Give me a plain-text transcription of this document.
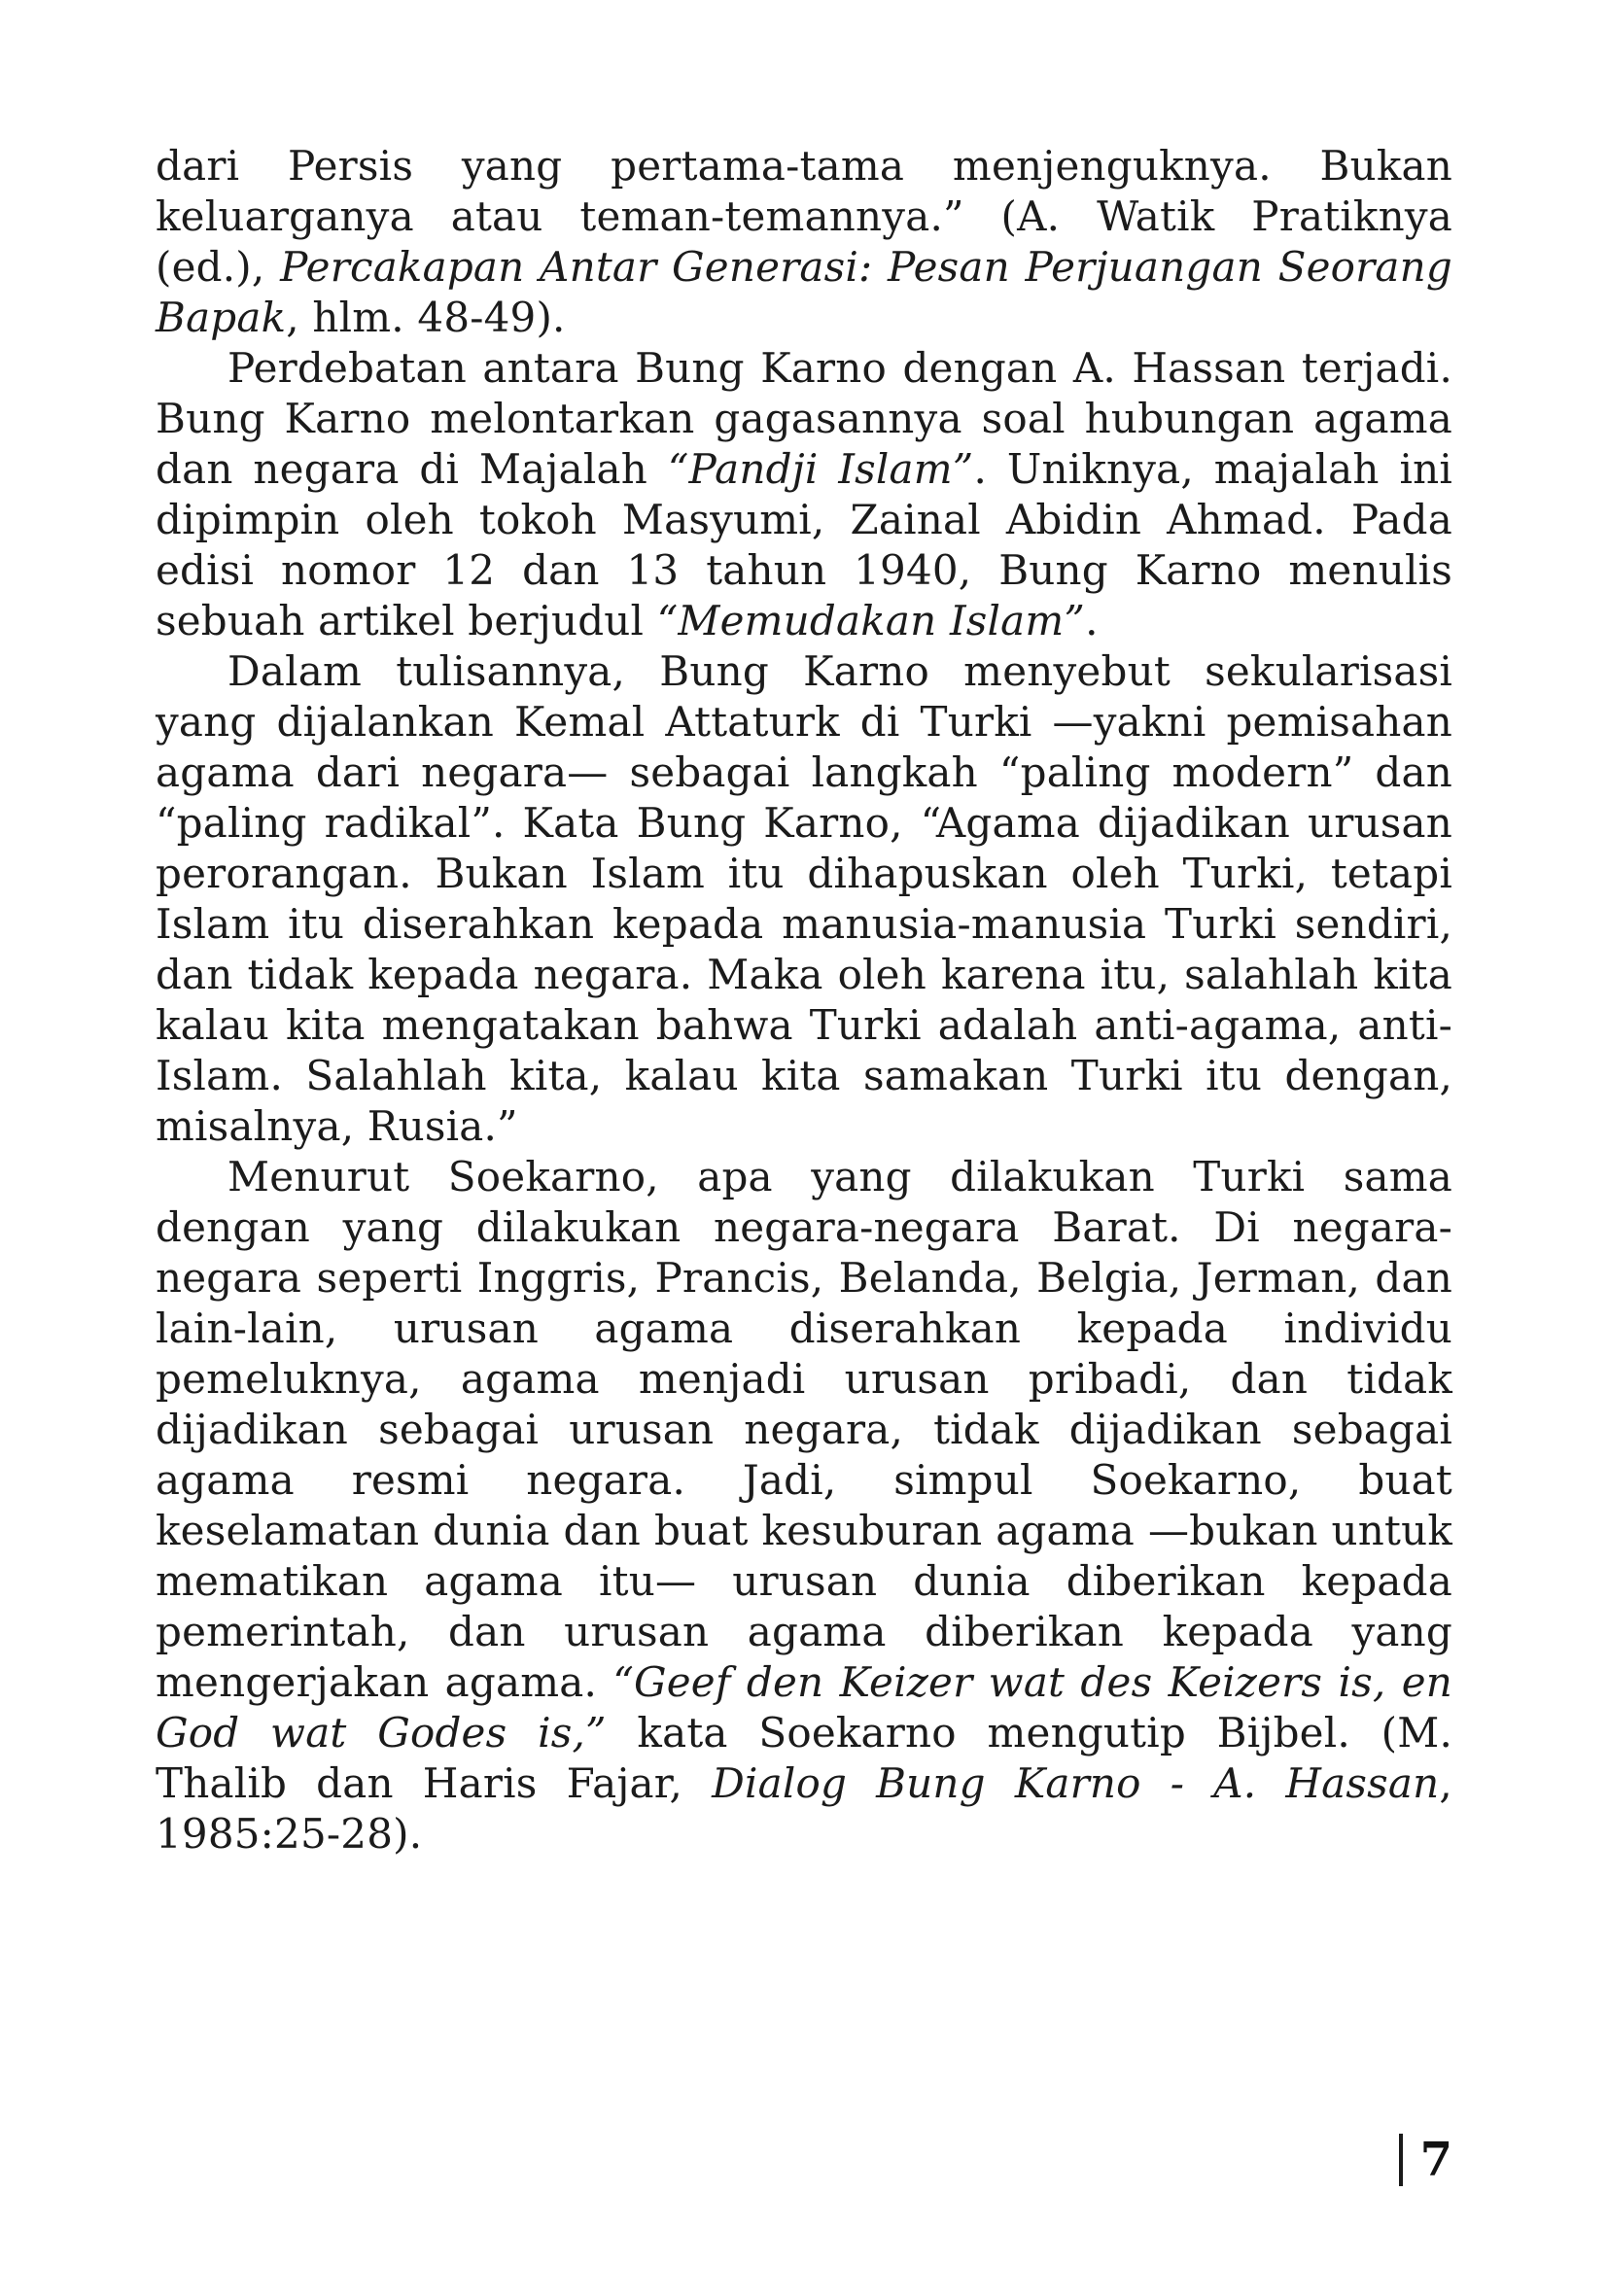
dari Persis yang pertama-tama menjenguknya. Bukan keluarganya atau teman-temannya.” (A. Watik Pratiknya (ed.), Percakapan Antar Generasi: Pesan Perjuangan Seorang Bapak, hlm. 48-49).

Perdebatan antara Bung Karno dengan A. Hassan terjadi. Bung Karno melontarkan gagasannya soal hubungan agama dan negara di Majalah “Pandji Islam”. Uniknya, majalah ini dipimpin oleh tokoh Masyumi, Zainal Abidin Ahmad. Pada edisi nomor 12 dan 13 tahun 1940, Bung Karno menulis sebuah artikel berjudul “Memudakan Islam”.

Dalam tulisannya, Bung Karno menyebut sekularisasi yang dijalankan Kemal Attaturk di Turki —yakni pemisahan agama dari negara— sebagai langkah “paling modern” dan “paling radikal”. Kata Bung Karno, “Agama dijadikan urusan perorangan. Bukan Islam itu dihapuskan oleh Turki, tetapi Islam itu diserahkan kepada manusia-manusia Turki sendiri, dan tidak kepada negara. Maka oleh karena itu, salahlah kita kalau kita mengatakan bahwa Turki adalah anti-agama, anti-Islam. Salahlah kita, kalau kita samakan Turki itu dengan, misalnya, Rusia.”

Menurut Soekarno, apa yang dilakukan Turki sama dengan yang dilakukan negara-negara Barat. Di negara-negara seperti Inggris, Prancis, Belanda, Belgia, Jerman, dan lain-lain, urusan agama diserahkan kepada individu pemeluknya, agama menjadi urusan pribadi, dan tidak dijadikan sebagai urusan negara, tidak dijadikan sebagai agama resmi negara. Jadi, simpul Soekarno, buat keselamatan dunia dan buat kesuburan agama —bukan untuk mematikan agama itu— urusan dunia diberikan kepada pemerintah, dan urusan agama diberikan kepada yang mengerjakan agama. “Geef den Keizer wat des Keizers is, en God wat Godes is,” kata Soekarno mengutip Bijbel. (M. Thalib dan Haris Fajar, Dialog Bung Karno - A. Hassan, 1985:25-28).

7
